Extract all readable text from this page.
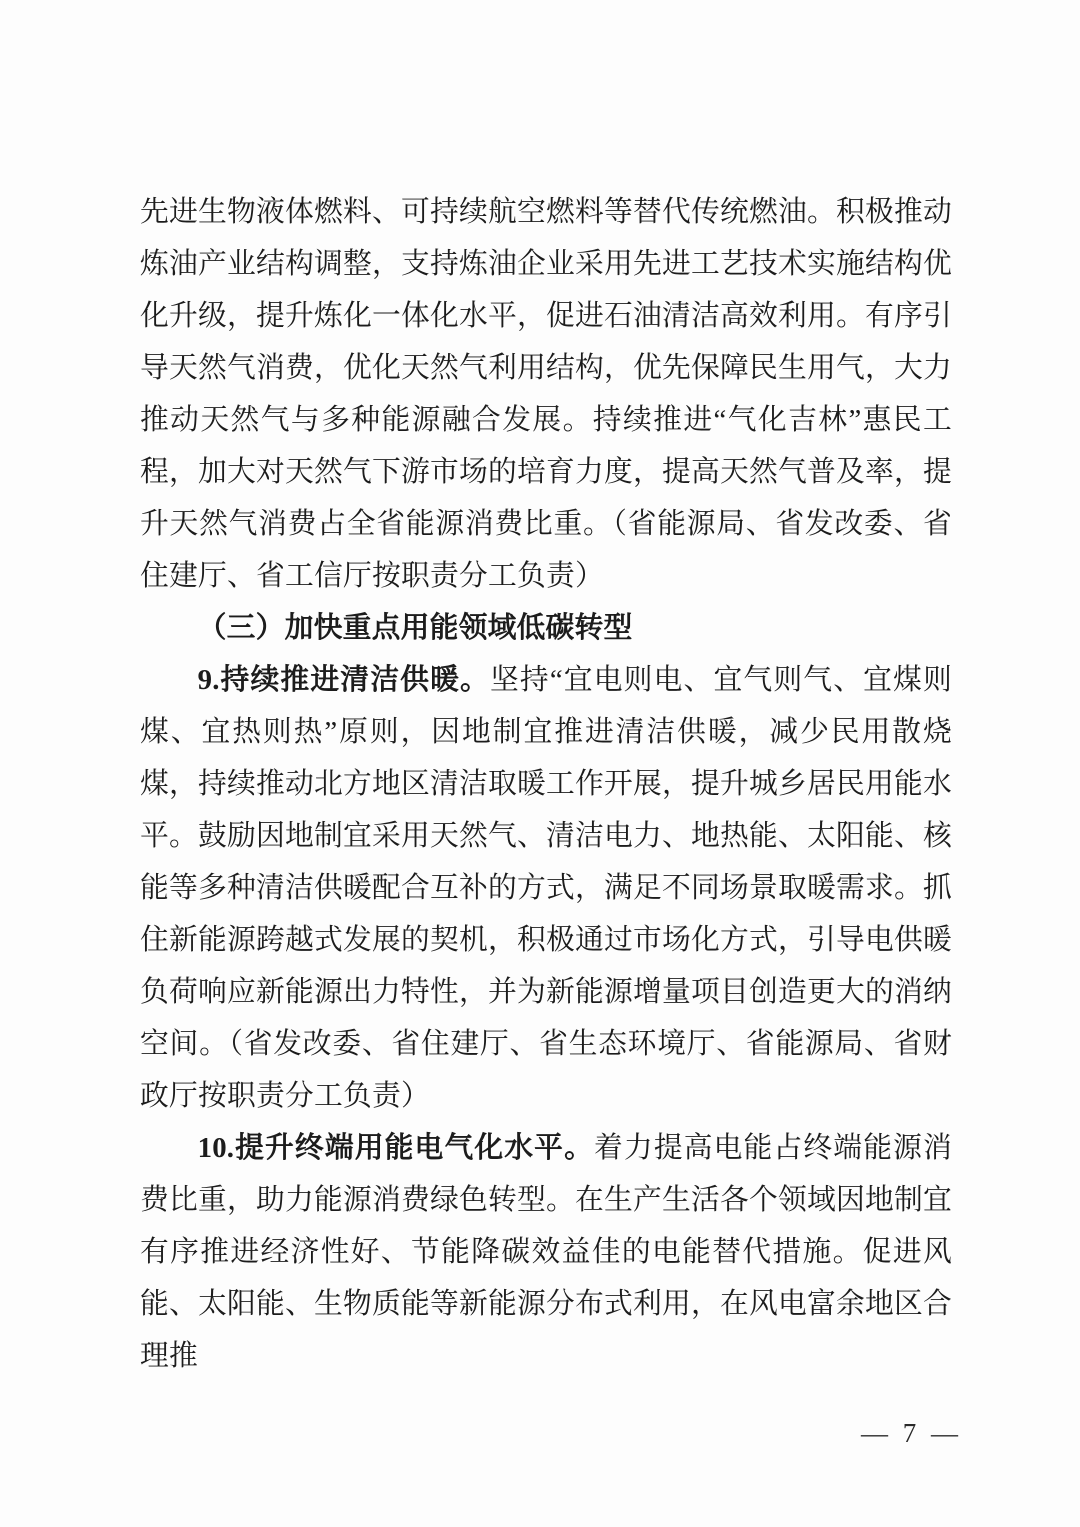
先进生物液体燃料、可持续航空燃料等替代传统燃油。积极推动炼油产业结构调整，支持炼油企业采用先进工艺技术实施结构优化升级，提升炼化一体化水平，促进石油清洁高效利用。有序引导天然气消费，优化天然气利用结构，优先保障民生用气，大力推动天然气与多种能源融合发展。持续推进“气化吉林”惠民工程，加大对天然气下游市场的培育力度，提高天然气普及率，提升天然气消费占全省能源消费比重。（省能源局、省发改委、省住建厅、省工信厅按职责分工负责）

（三）加快重点用能领域低碳转型

9.持续推进清洁供暖。坚持“宜电则电、宜气则气、宜煤则煤、宜热则热”原则，因地制宜推进清洁供暖，减少民用散烧煤，持续推动北方地区清洁取暖工作开展，提升城乡居民用能水平。鼓励因地制宜采用天然气、清洁电力、地热能、太阳能、核能等多种清洁供暖配合互补的方式，满足不同场景取暖需求。抓住新能源跨越式发展的契机，积极通过市场化方式，引导电供暖负荷响应新能源出力特性，并为新能源增量项目创造更大的消纳空间。（省发改委、省住建厅、省生态环境厅、省能源局、省财政厅按职责分工负责）

10.提升终端用能电气化水平。着力提高电能占终端能源消费比重，助力能源消费绿色转型。在生产生活各个领域因地制宜有序推进经济性好、节能降碳效益佳的电能替代措施。促进风能、太阳能、生物质能等新能源分布式利用，在风电富余地区合理推

— 7 —
